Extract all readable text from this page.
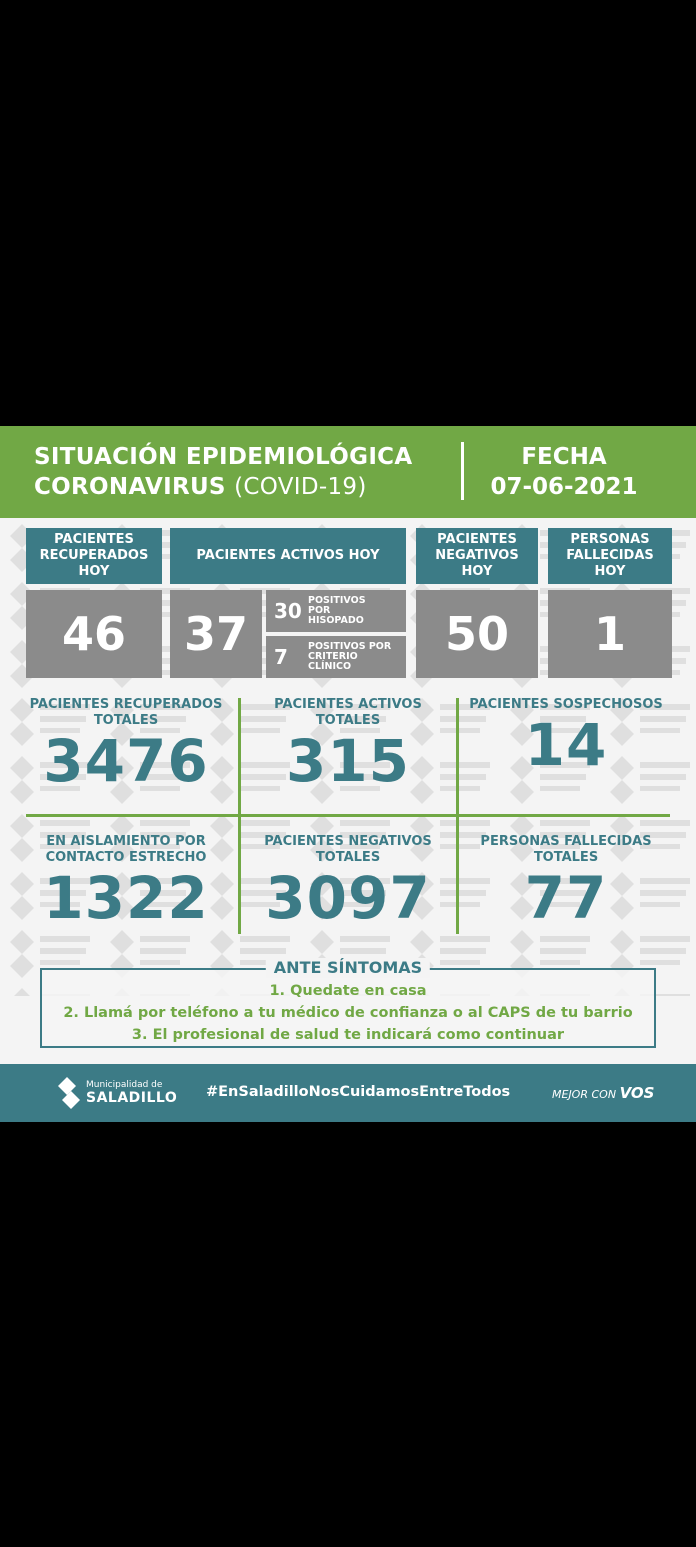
SITUACIÓN EPIDEMIOLÓGICA
CORONAVIRUS (COVID-19)
FECHA
07-06-2021
PACIENTES RECUPERADOS HOY
46
PACIENTES ACTIVOS HOY
37	30 POSITIVOS POR HISOPADO
7	POSITIVOS POR CRITERIO CLÍNICO
PACIENTES NEGATIVOS HOY
50
PERSONAS FALLECIDAS HOY
1
PACIENTES RECUPERADOS TOTALES
3476
PACIENTES ACTIVOS TOTALES
315
PACIENTES SOSPECHOSOS
14
EN AISLAMIENTO POR CONTACTO ESTRECHO
1322
PACIENTES NEGATIVOS TOTALES
3097
PERSONAS FALLECIDAS TOTALES
77
ANTE SÍNTOMAS
1. Quedate en casa
2. Llamá por teléfono a tu médico de confianza o al CAPS de tu barrio
3. El profesional de salud te indicará como continuar
Municipalidad de
SALADILLO #EnSaladilloNosCuidamosEntreTodos	MEJOR CON VOS
